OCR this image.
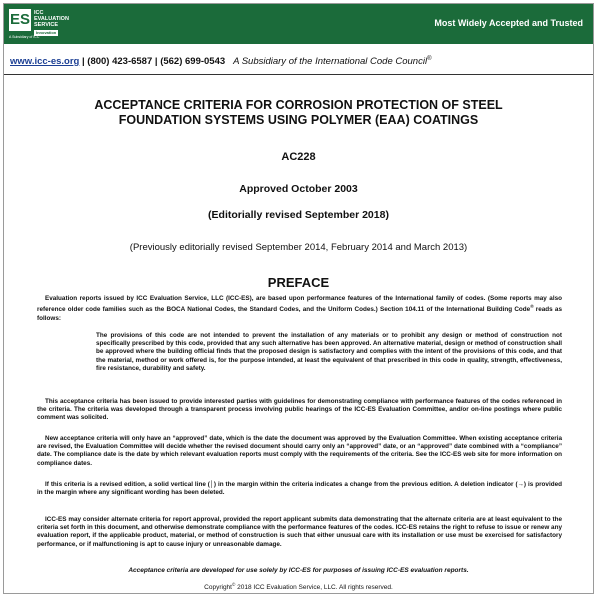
ES ICC
EVALUATION
SERVICE
Innovation
A Subsidiary of ICC
Most Widely Accepted and Trusted
www.icc-es.org | (800) 423-6587 | (562) 699-0543 A Subsidiary of the International Code Council®
ACCEPTANCE CRITERIA FOR CORROSION PROTECTION OF STEEL
FOUNDATION SYSTEMS USING POLYMER (EAA) COATINGS
AC228
Approved October 2003
(Editorially revised September 2018)
(Previously editorially revised September 2014, February 2014 and March 2013)
PREFACE

Evaluation reports issued by ICC Evaluation Service, LLC (ICC-ES), are based upon performance features of the International family of codes. (Some reports may also reference older code families such as the BOCA National Codes, the Standard Codes, and the Uniform Codes.) Section 104.11 of the International Building Code® reads as follows:

The provisions of this code are not intended to prevent the installation of any materials or to prohibit any design or method of construction not specifically prescribed by this code, provided that any such alternative has been approved. An alternative material, design or method of construction shall be approved where the building official finds that the proposed design is satisfactory and complies with the intent of the provisions of this code, and that the material, method or work offered is, for the purpose intended, at least the equivalent of that prescribed in this code in quality, strength, effectiveness, fire resistance, durability and safety.

This acceptance criteria has been issued to provide interested parties with guidelines for demonstrating compliance with performance features of the codes referenced in the criteria. The criteria was developed through a transparent process involving public hearings of the ICC-ES Evaluation Committee, and/or on-line postings where public comment was solicited.

New acceptance criteria will only have an “approved” date, which is the date the document was approved by the Evaluation Committee. When existing acceptance criteria are revised, the Evaluation Committee will decide whether the revised document should carry only an “approved” date, or an “approved” date combined with a “compliance” date. The compliance date is the date by which relevant evaluation reports must comply with the requirements of the criteria. See the ICC-ES web site for more information on compliance dates.

If this criteria is a revised edition, a solid vertical line (│) in the margin within the criteria indicates a change from the previous edition. A deletion indicator (→) is provided in the margin where any significant wording has been deleted.

ICC-ES may consider alternate criteria for report approval, provided the report applicant submits data demonstrating that the alternate criteria are at least equivalent to the criteria set forth in this document, and otherwise demonstrate compliance with the performance features of the codes. ICC-ES retains the right to refuse to issue or renew any evaluation report, if the applicable product, material, or method of construction is such that either unusual care with its installation or use must be exercised for satisfactory performance, or if malfunctioning is apt to cause injury or unreasonable damage.

Acceptance criteria are developed for use solely by ICC-ES for purposes of issuing ICC-ES evaluation reports.
Copyright© 2018 ICC Evaluation Service, LLC. All rights reserved.
